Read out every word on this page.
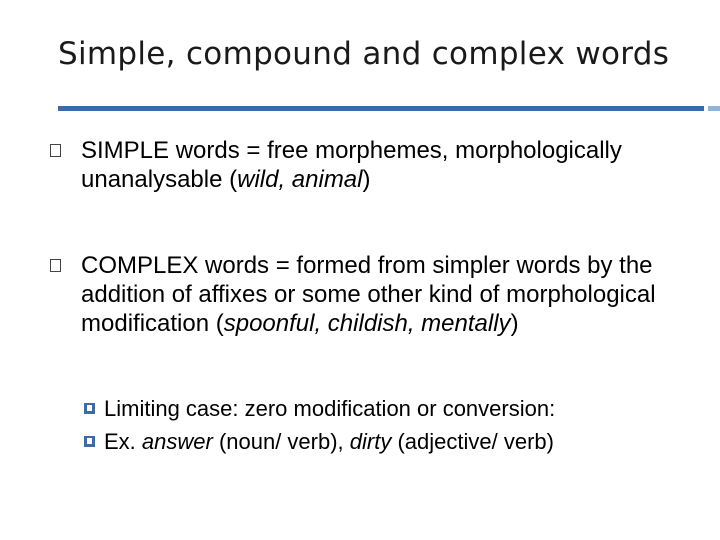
Simple, compound and complex words
SIMPLE words = free morphemes, morphologically unanalysable (wild, animal)
COMPLEX words = formed from simpler words by the addition of affixes or some other kind of morphological modification (spoonful, childish, mentally)
Limiting case: zero modification or conversion:
Ex. answer (noun/ verb), dirty (adjective/ verb)
